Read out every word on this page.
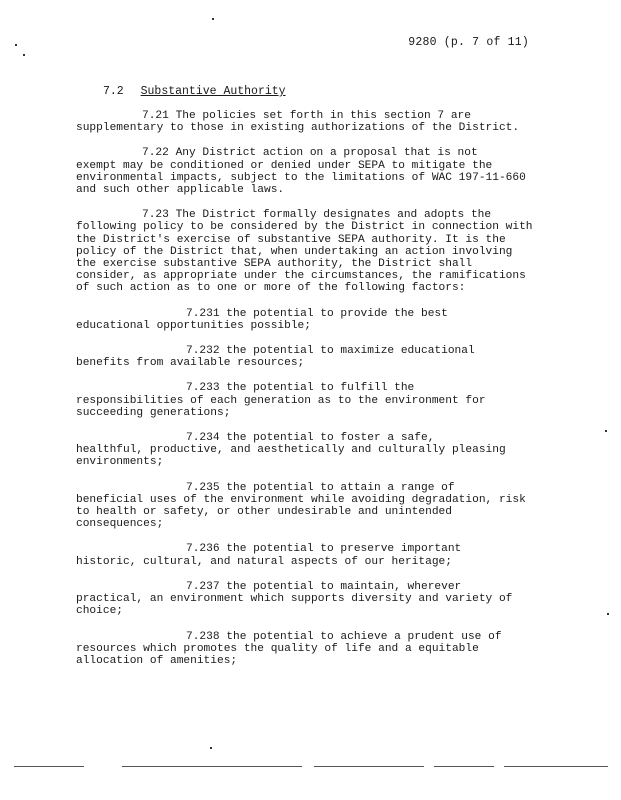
9280 (p. 7 of 11)
7.2 Substantive Authority

7.21 The policies set forth in this section 7 are
supplementary to those in existing authorizations of the District.

7.22 Any District action on a proposal that is not
exempt may be conditioned or denied under SEPA to mitigate the environmental impacts, subject to the limitations of WAC 197-11-660 and such other applicable laws.

7.23 The District formally designates and adopts the
following policy to be considered by the District in connection with the District's exercise of substantive SEPA authority. It is the policy of the District that, when undertaking an action involving the exercise substantive SEPA authority, the District shall consider, as appropriate under the circumstances, the ramifications of such action as to one or more of the following factors:

7.231 the potential to provide the best
educational opportunities possible;

7.232 the potential to maximize educational
benefits from available resources;

7.233 the potential to fulfill the
responsibilities of each generation as to the environment for succeeding generations;

7.234 the potential to foster a safe,
healthful, productive, and aesthetically and culturally pleasing environments;

7.235 the potential to attain a range of
beneficial uses of the environment while avoiding degradation, risk to health or safety, or other undesirable and unintended consequences;

7.236 the potential to preserve important
historic, cultural, and natural aspects of our heritage;

7.237 the potential to maintain, wherever
practical, an environment which supports diversity and variety of choice;

7.238 the potential to achieve a prudent use of
resources which promotes the quality of life and a equitable allocation of amenities;
